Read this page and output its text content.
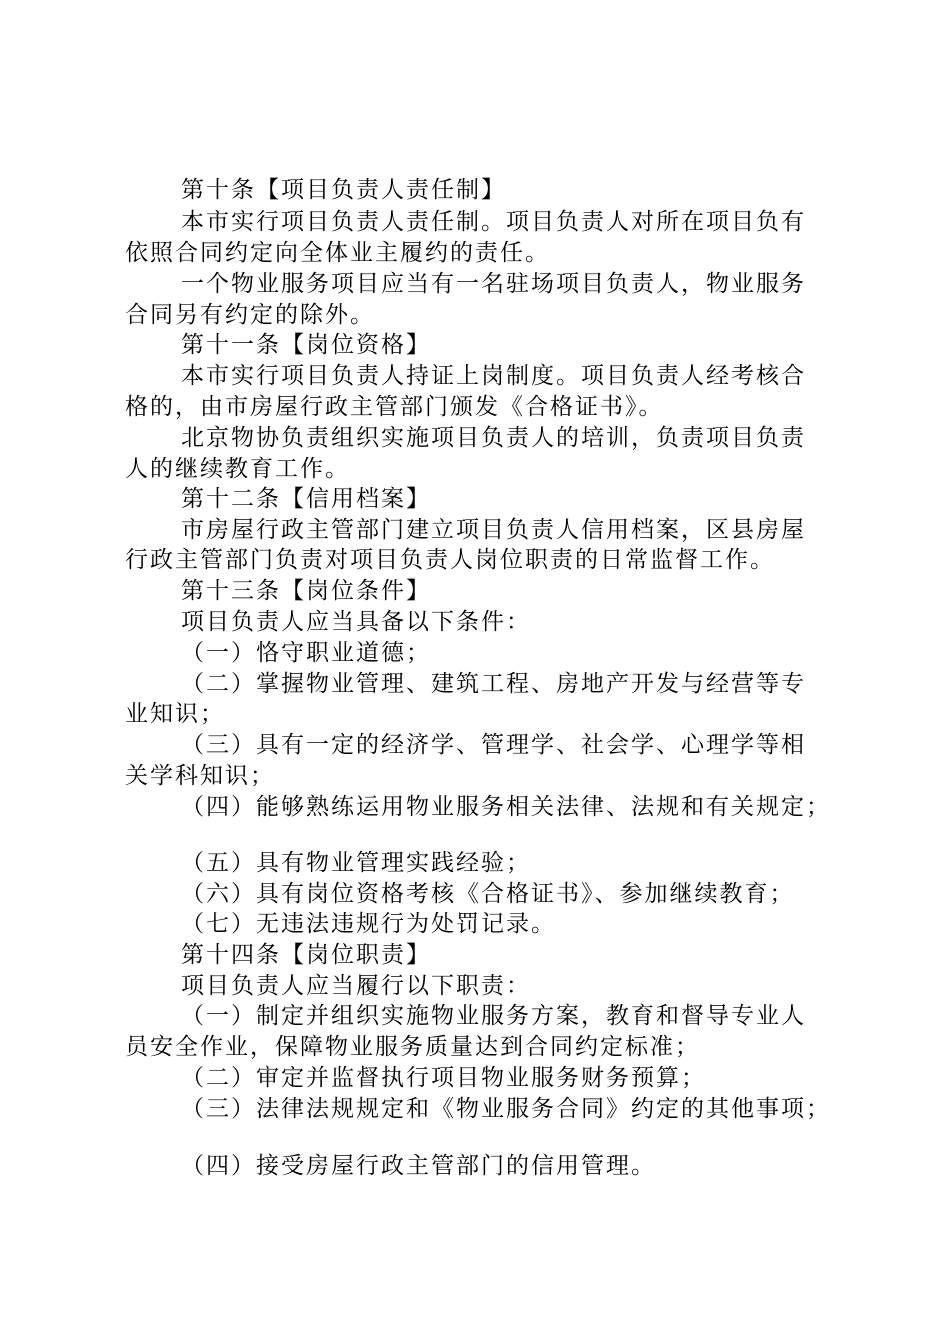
第十条【项目负责人责任制】
本市实行项目负责人责任制。项目负责人对所在项目负有
依照合同约定向全体业主履约的责任。
一个物业服务项目应当有一名驻场项目负责人，物业服务
合同另有约定的除外。
第十一条【岗位资格】
本市实行项目负责人持证上岗制度。项目负责人经考核合
格的，由市房屋行政主管部门颁发《合格证书》。
北京物协负责组织实施项目负责人的培训，负责项目负责
人的继续教育工作。
第十二条【信用档案】
市房屋行政主管部门建立项目负责人信用档案，区县房屋
行政主管部门负责对项目负责人岗位职责的日常监督工作。
第十三条【岗位条件】
项目负责人应当具备以下条件：
（一）恪守职业道德；
（二）掌握物业管理、建筑工程、房地产开发与经营等专
业知识；
（三）具有一定的经济学、管理学、社会学、心理学等相
关学科知识；
（四）能够熟练运用物业服务相关法律、法规和有关规定；
（五）具有物业管理实践经验；
（六）具有岗位资格考核《合格证书》、参加继续教育；
（七）无违法违规行为处罚记录。
第十四条【岗位职责】
项目负责人应当履行以下职责：
（一）制定并组织实施物业服务方案，教育和督导专业人
员安全作业，保障物业服务质量达到合同约定标准；
（二）审定并监督执行项目物业服务财务预算；
（三）法律法规规定和《物业服务合同》约定的其他事项；
（四）接受房屋行政主管部门的信用管理。
